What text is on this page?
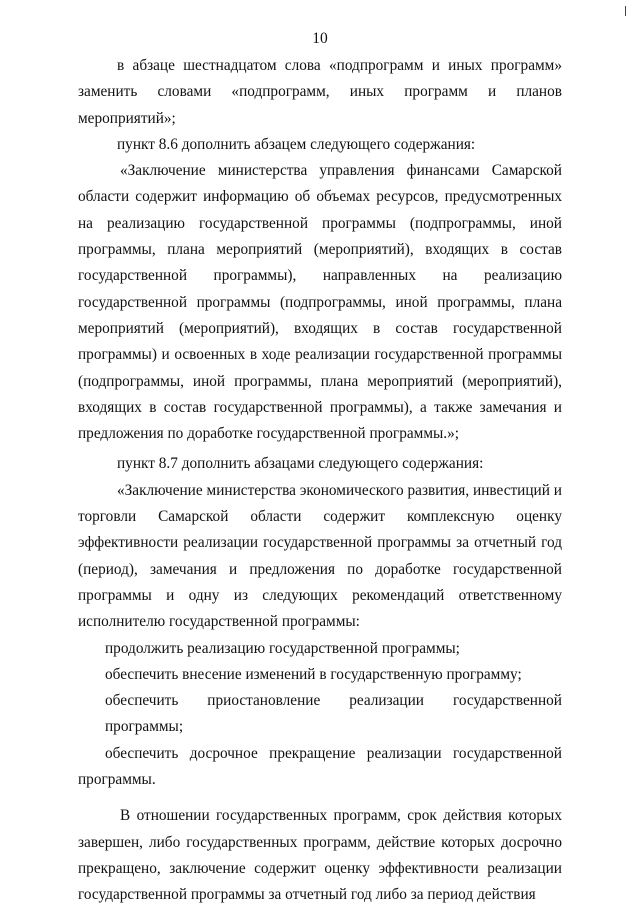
10

в абзаце шестнадцатом слова «подпрограмм и иных программ» заменить словами «подпрограмм, иных программ и планов мероприятий»;

пункт 8.6 дополнить абзацем следующего содержания:

«Заключение министерства управления финансами Самарской области содержит информацию об объемах ресурсов, предусмотренных на реализацию государственной программы (подпрограммы, иной программы, плана мероприятий (мероприятий), входящих в состав государственной программы), направленных на реализацию государственной программы (подпрограммы, иной программы, плана мероприятий (мероприятий), входящих в состав государственной программы) и освоенных в ходе реализации государственной программы (подпрограммы, иной программы, плана мероприятий (мероприятий), входящих в состав государственной программы), а также замечания и предложения по доработке государственной программы.»;

пункт 8.7 дополнить абзацами следующего содержания:

«Заключение министерства экономического развития, инвестиций и торговли Самарской области содержит комплексную оценку эффективности реализации государственной программы за отчетный год (период), замечания и предложения по доработке государственной программы и одну из следующих рекомендаций ответственному исполнителю государственной программы:

продолжить реализацию государственной программы;

обеспечить внесение изменений в государственную программу;

обеспечить приостановление реализации государственной программы;

обеспечить досрочное прекращение реализации государственной программы.

В отношении государственных программ, срок действия которых завершен, либо государственных программ, действие которых досрочно прекращено, заключение содержит оценку эффективности реализации государственной программы за отчетный год либо за период действия
